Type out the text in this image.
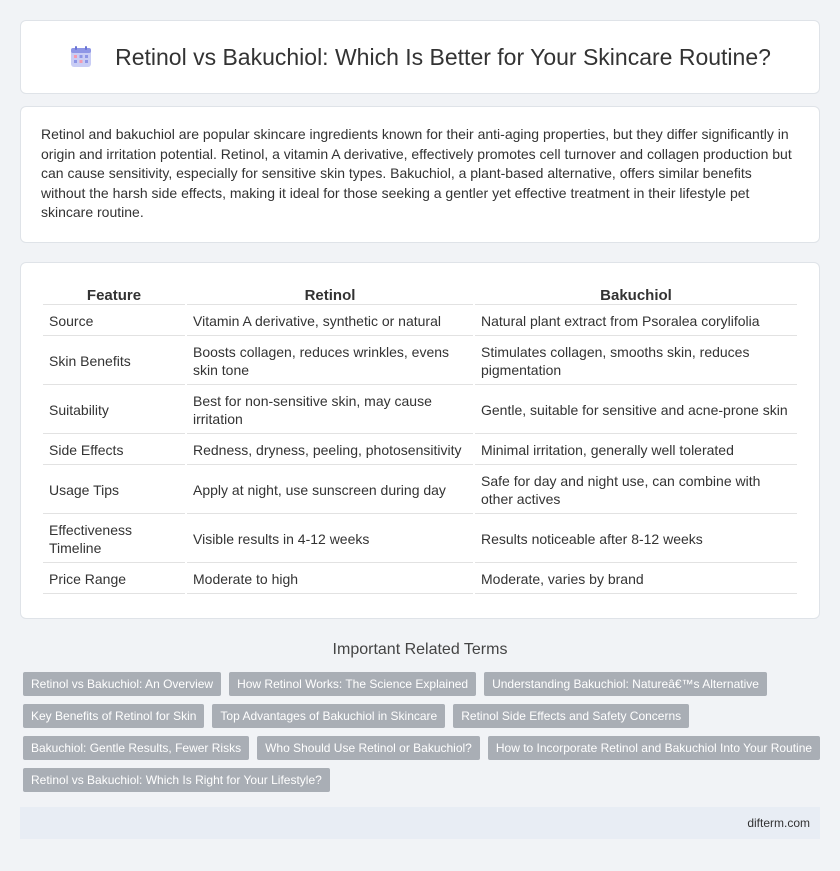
Retinol vs Bakuchiol: Which Is Better for Your Skincare Routine?

Retinol and bakuchiol are popular skincare ingredients known for their anti-aging properties, but they differ significantly in origin and irritation potential. Retinol, a vitamin A derivative, effectively promotes cell turnover and collagen production but can cause sensitivity, especially for sensitive skin types. Bakuchiol, a plant-based alternative, offers similar benefits without the harsh side effects, making it ideal for those seeking a gentler yet effective treatment in their lifestyle pet skincare routine.

Feature	Retinol	Bakuchiol
Source	Vitamin A derivative, synthetic or natural	Natural plant extract from Psoralea corylifolia
Skin Benefits	Boosts collagen, reduces wrinkles, evens skin tone	Stimulates collagen, smooths skin, reduces pigmentation
Suitability	Best for non-sensitive skin, may cause irritation	Gentle, suitable for sensitive and acne-prone skin
Side Effects	Redness, dryness, peeling, photosensitivity	Minimal irritation, generally well tolerated
Usage Tips	Apply at night, use sunscreen during day	Safe for day and night use, can combine with other actives
Effectiveness Timeline	Visible results in 4-12 weeks	Results noticeable after 8-12 weeks
Price Range	Moderate to high	Moderate, varies by brand
Important Related Terms
Retinol vs Bakuchiol: An Overview	How Retinol Works: The Science Explained	Understanding Bakuchiol: Natureâ€™s Alternative
Key Benefits of Retinol for Skin	Top Advantages of Bakuchiol in Skincare	Retinol Side Effects and Safety Concerns
Bakuchiol: Gentle Results, Fewer Risks	Who Should Use Retinol or Bakuchiol?	How to Incorporate Retinol and Bakuchiol Into Your Routine
Retinol vs Bakuchiol: Which Is Right for Your Lifestyle?
difterm.com
